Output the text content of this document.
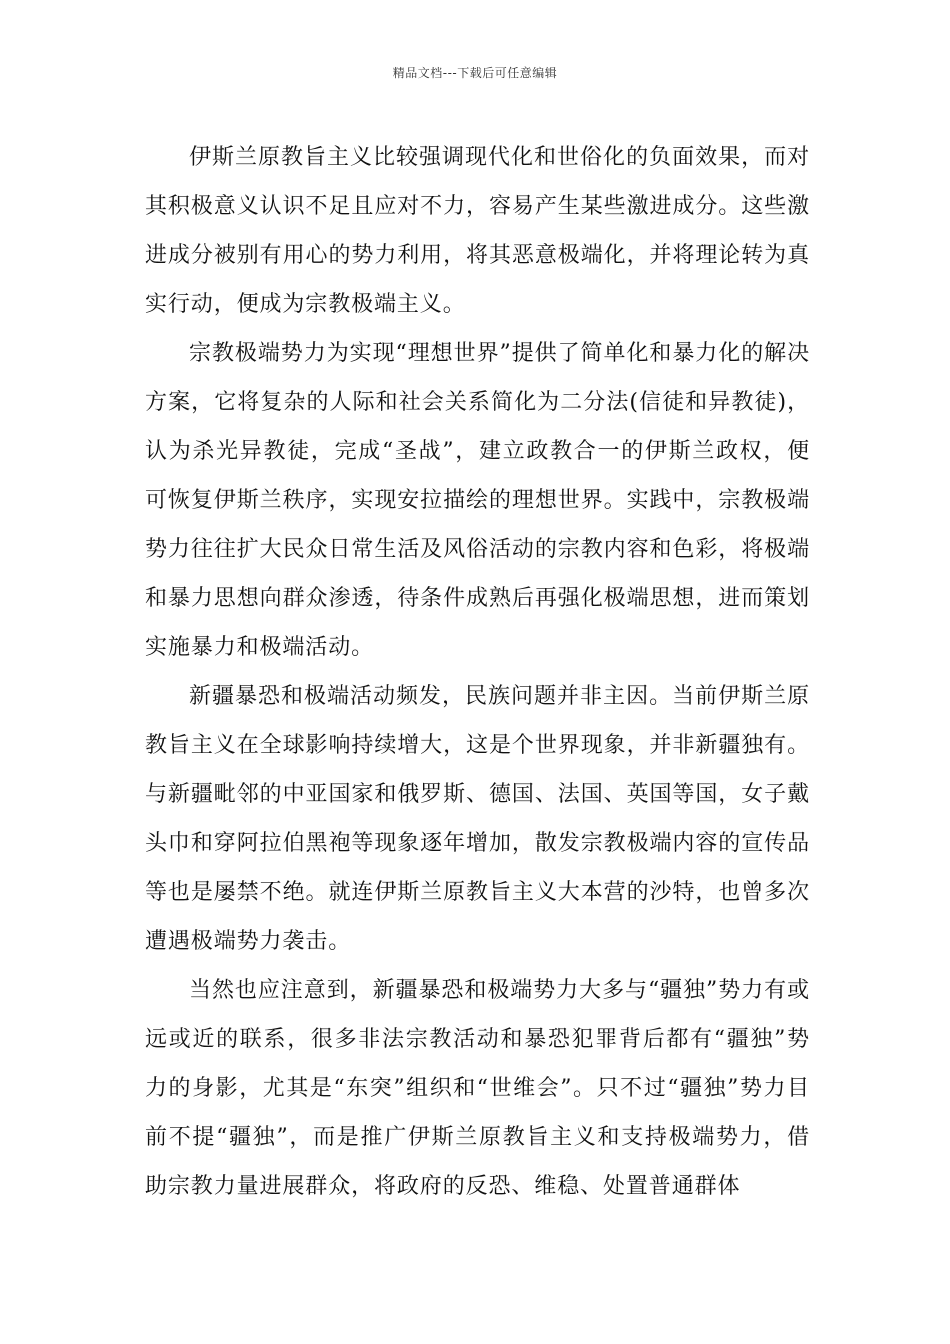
精品文档---下载后可任意编辑

伊斯兰原教旨主义比较强调现代化和世俗化的负面效果，而对其积极意义认识不足且应对不力，容易产生某些激进成分。这些激进成分被别有用心的势力利用，将其恶意极端化，并将理论转为真实行动，便成为宗教极端主义。

宗教极端势力为实现“理想世界”提供了简单化和暴力化的解决方案，它将复杂的人际和社会关系简化为二分法(信徒和异教徒)，认为杀光异教徒，完成“圣战”，建立政教合一的伊斯兰政权，便可恢复伊斯兰秩序，实现安拉描绘的理想世界。实践中，宗教极端势力往往扩大民众日常生活及风俗活动的宗教内容和色彩，将极端和暴力思想向群众渗透，待条件成熟后再强化极端思想，进而策划实施暴力和极端活动。

新疆暴恐和极端活动频发，民族问题并非主因。当前伊斯兰原教旨主义在全球影响持续增大，这是个世界现象，并非新疆独有。与新疆毗邻的中亚国家和俄罗斯、德国、法国、英国等国，女子戴头巾和穿阿拉伯黑袍等现象逐年增加，散发宗教极端内容的宣传品等也是屡禁不绝。就连伊斯兰原教旨主义大本营的沙特，也曾多次遭遇极端势力袭击。

当然也应注意到，新疆暴恐和极端势力大多与“疆独”势力有或远或近的联系，很多非法宗教活动和暴恐犯罪背后都有“疆独”势力的身影，尤其是“东突”组织和“世维会”。只不过“疆独”势力目前不提“疆独”，而是推广伊斯兰原教旨主义和支持极端势力，借助宗教力量进展群众，将政府的反恐、维稳、处置普通群体
